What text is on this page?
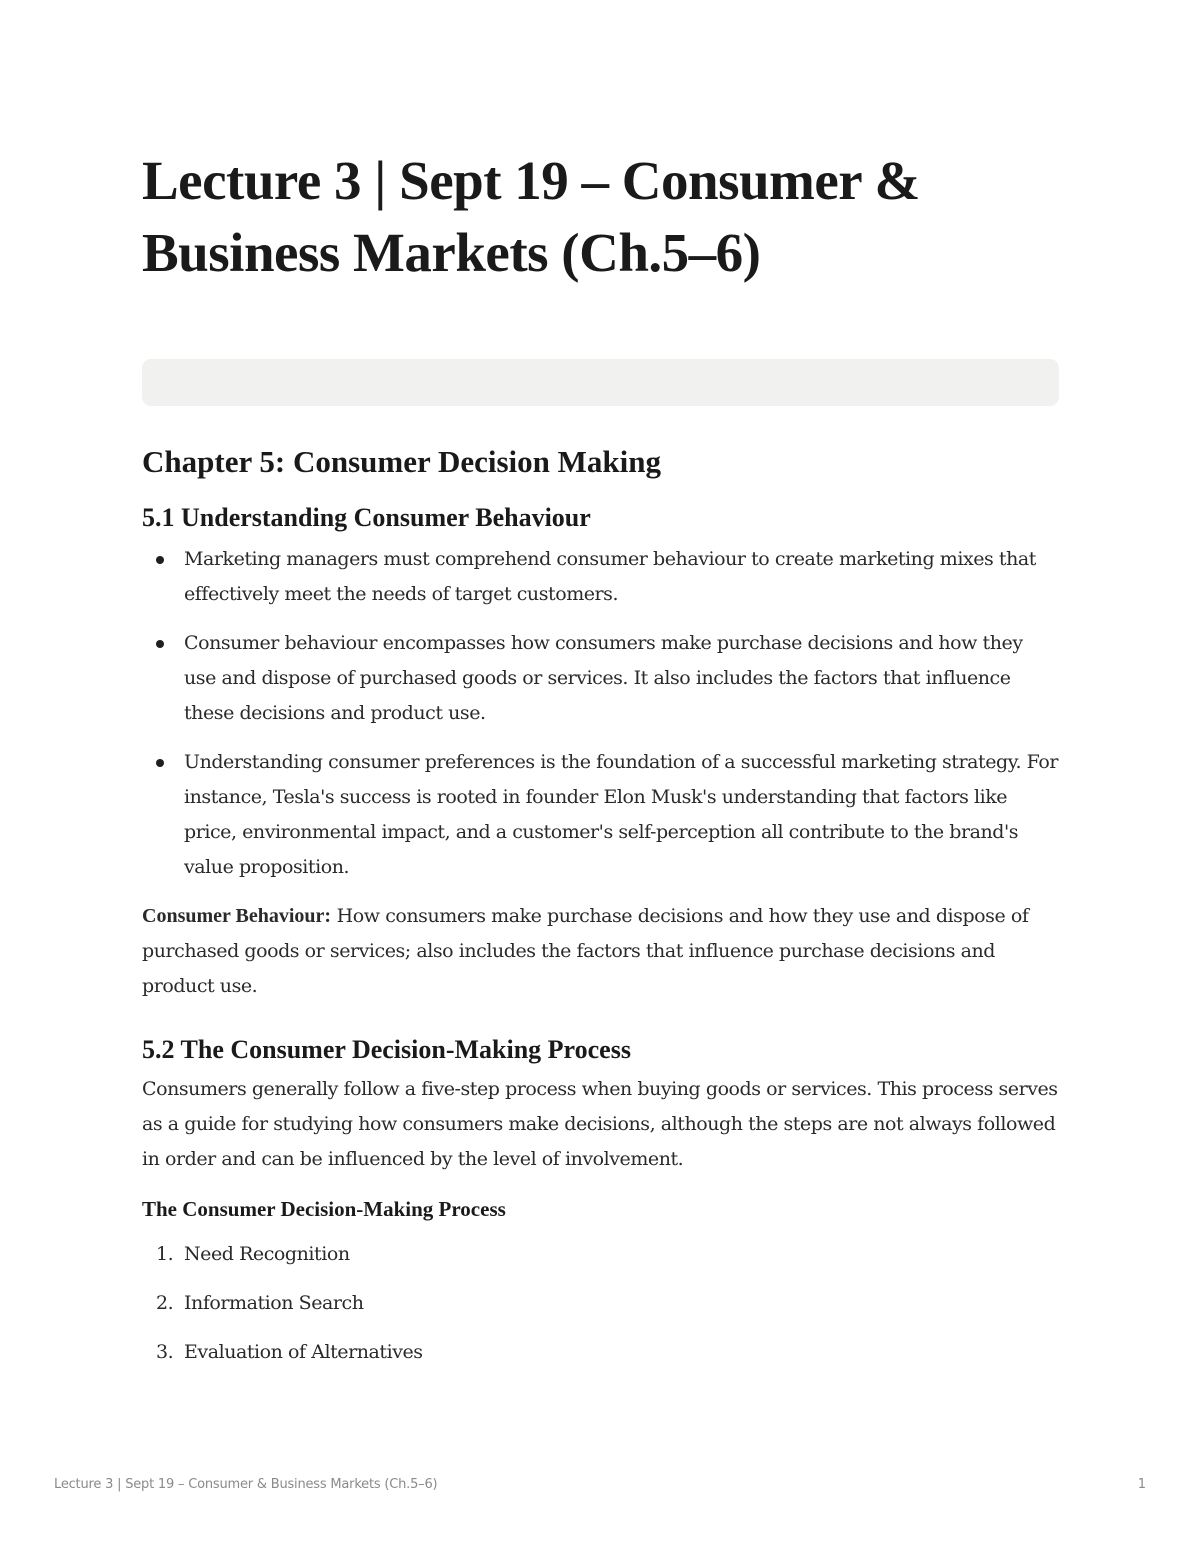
Lecture 3 | Sept 19 – Consumer & Business Markets (Ch.5–6)
Chapter 5: Consumer Decision Making
5.1 Understanding Consumer Behaviour
Marketing managers must comprehend consumer behaviour to create marketing mixes that effectively meet the needs of target customers.
Consumer behaviour encompasses how consumers make purchase decisions and how they use and dispose of purchased goods or services. It also includes the factors that influence these decisions and product use.
Understanding consumer preferences is the foundation of a successful marketing strategy. For instance, Tesla's success is rooted in founder Elon Musk's understanding that factors like price, environmental impact, and a customer's self-perception all contribute to the brand's value proposition.

Consumer Behaviour: How consumers make purchase decisions and how they use and dispose of purchased goods or services; also includes the factors that influence purchase decisions and product use.

5.2 The Consumer Decision-Making Process

Consumers generally follow a five-step process when buying goods or services. This process serves as a guide for studying how consumers make decisions, although the steps are not always followed in order and can be influenced by the level of involvement.

The Consumer Decision-Making Process
1. Need Recognition
2. Information Search
3. Evaluation of Alternatives
Lecture 3 | Sept 19 – Consumer & Business Markets (Ch.5–6)	1
